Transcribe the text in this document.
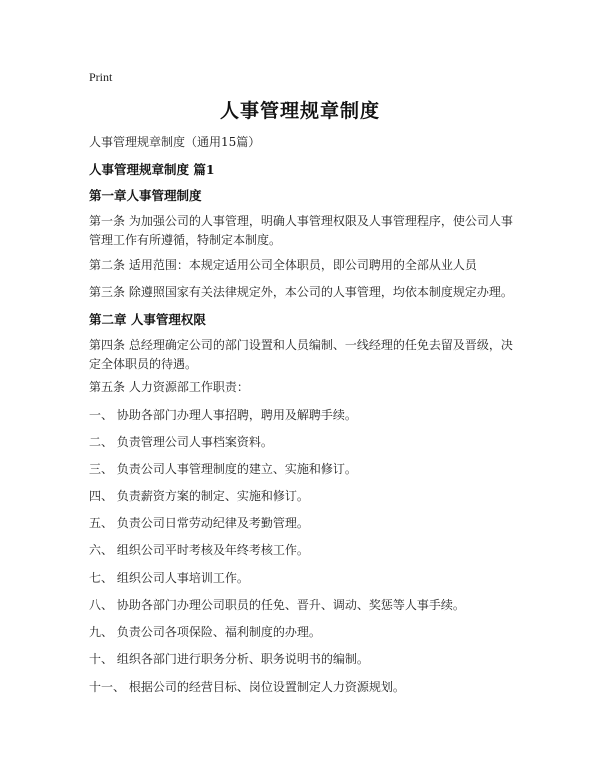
Print
人事管理规章制度
人事管理规章制度（通用15篇）
人事管理规章制度 篇1
第一章人事管理制度
第一条 为加强公司的人事管理，明确人事管理权限及人事管理程序，使公司人事管理工作有所遵循，特制定本制度。
第二条 适用范围：本规定适用公司全体职员，即公司聘用的全部从业人员
第三条 除遵照国家有关法律规定外，本公司的人事管理，均依本制度规定办理。
第二章 人事管理权限
第四条 总经理确定公司的部门设置和人员编制、一线经理的任免去留及晋级，决定全体职员的待遇。
第五条 人力资源部工作职责：
一、 协助各部门办理人事招聘，聘用及解聘手续。
二、 负责管理公司人事档案资料。
三、 负责公司人事管理制度的建立、实施和修订。
四、 负责薪资方案的制定、实施和修订。
五、 负责公司日常劳动纪律及考勤管理。
六、 组织公司平时考核及年终考核工作。
七、 组织公司人事培训工作。
八、 协助各部门办理公司职员的任免、晋升、调动、奖惩等人事手续。
九、 负责公司各项保险、福利制度的办理。
十、 组织各部门进行职务分析、职务说明书的编制。
十一、 根据公司的经营目标、岗位设置制定人力资源规划。
